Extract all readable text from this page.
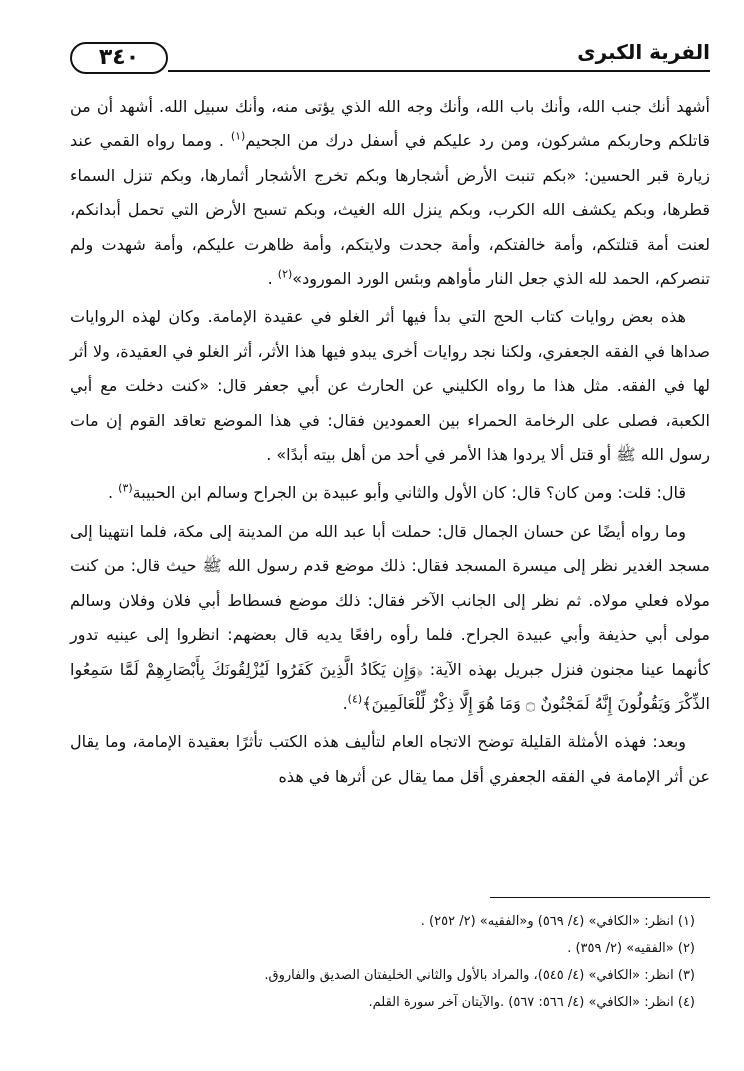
٣٤٠	الفرية الكبرى

أشهد أنك جنب الله، وأنك باب الله، وأنك وجه الله الذي يؤتى منه، وأنك سبيل الله. أشهد أن من قاتلكم وحاربكم مشركون، ومن رد عليكم في أسفل درك من الجحيم$^{(١)}$ . ومما رواه القمي عند زيارة قبر الحسين: «بكم تنبت الأرض أشجارها وبكم تخرج الأشجار أثمارها، وبكم تنزل السماء قطرها، وبكم يكشف الله الكرب، وبكم ينزل الله الغيث، وبكم تسبح الأرض التي تحمل أبدانكم، لعنت أمة قتلتكم، وأمة خالفتكم، وأمة جحدت ولايتكم، وأمة ظاهرت عليكم، وأمة شهدت ولم تنصركم، الحمد لله الذي جعل النار مأواهم وبئس الورد المورود»$^{(٢)}$ .

هذه بعض روايات كتاب الحج التي بدأ فيها أثر الغلو في عقيدة الإمامة. وكان لهذه الروايات صداها في الفقه الجعفري، ولكنا نجد روايات أخرى يبدو فيها هذا الأثر، أثر الغلو في العقيدة، ولا أثر لها في الفقه. مثل هذا ما رواه الكليني عن الحارث عن أبي جعفر قال: «كنت دخلت مع أبي الكعبة، فصلى على الرخامة الحمراء بين العمودين فقال: في هذا الموضع تعاقد القوم إن مات رسول الله ﷺ أو قتل ألا يردوا هذا الأمر في أحد من أهل بيته أبدًا» .

قال: قلت: ومن كان؟ قال: كان الأول والثاني وأبو عبيدة بن الجراح وسالم ابن الحبيبة$^{(٣)}$ .

وما رواه أيضًا عن حسان الجمال قال: حملت أبا عبد الله من المدينة إلى مكة، فلما انتهينا إلى مسجد الغدير نظر إلى ميسرة المسجد فقال: ذلك موضع قدم رسول الله ﷺ حيث قال: من كنت مولاه فعلي مولاه. ثم نظر إلى الجانب الآخر فقال: ذلك موضع فسطاط أبي فلان وفلان وسالم مولى أبي حذيفة وأبي عبيدة الجراح. فلما رأوه رافعًا يديه قال بعضهم: انظروا إلى عينيه تدور كأنهما عينا مجنون فنزل جبريل بهذه الآية: ﴿وَإِن يَكَادُ الَّذِينَ كَفَرُوا لَيُزْلِقُونَكَ بِأَبْصَارِهِمْ لَمَّا سَمِعُوا الذِّكْرَ وَيَقُولُونَ إِنَّهُ لَمَجْنُونٌ ۝ وَمَا هُوَ إِلَّا ذِكْرٌ لِّلْعَالَمِينَ﴾$^{(٤)}$.

وبعد: فهذه الأمثلة القليلة توضح الاتجاه العام لتأليف هذه الكتب تأثرًا بعقيدة الإمامة، وما يقال عن أثر الإمامة في الفقه الجعفري أقل مما يقال عن أثرها في هذه

(١) انظر: «الكافي» (٤/ ٥٦٩) و«الفقيه» (٢/ ٢٥٢) .
(٢) «الفقيه» (٢/ ٣٥٩) .
(٣) انظر: «الكافي» (٤/ ٥٤٥)، والمراد بالأول والثاني الخليفتان الصديق والفاروق.
(٤) انظر: «الكافي» (٤/ ٥٦٦: ٥٦٧) .والآيتان آخر سورة القلم.
